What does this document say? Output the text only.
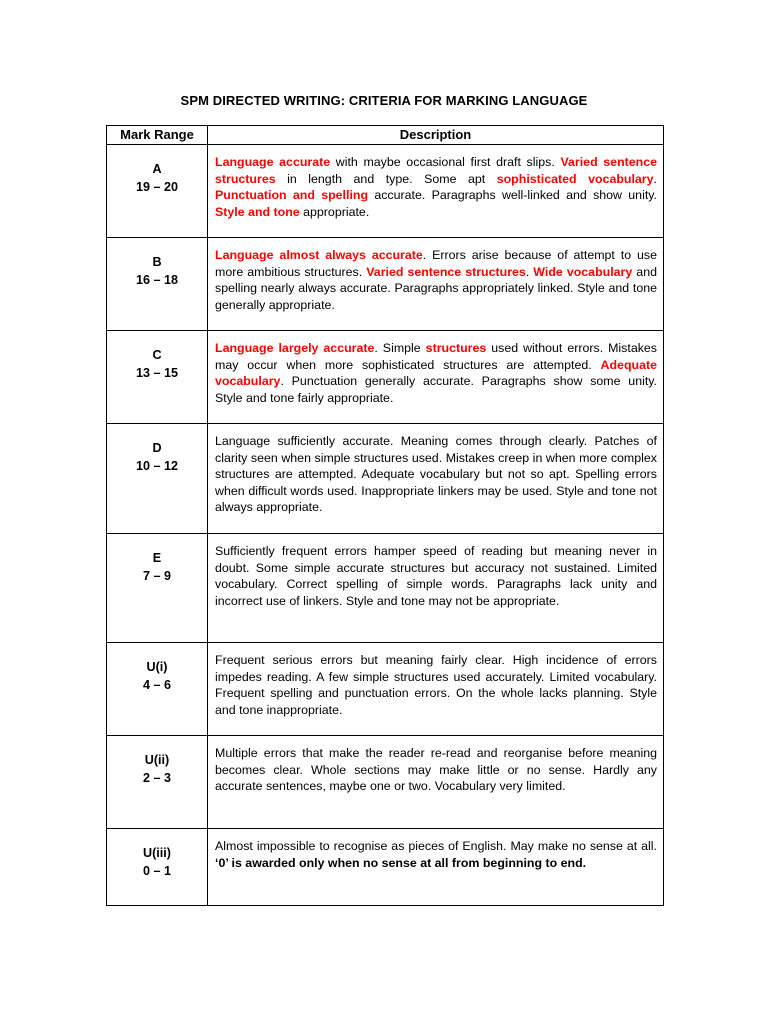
SPM DIRECTED WRITING: CRITERIA FOR MARKING LANGUAGE
Mark Range	Description

A
19 – 20	Language accurate with maybe occasional first draft slips. Varied sentence structures in length and type. Some apt sophisticated vocabulary. Punctuation and spelling accurate. Paragraphs well-linked and show unity. Style and tone appropriate.

B
16 – 18	Language almost always accurate. Errors arise because of attempt to use more ambitious structures. Varied sentence structures. Wide vocabulary and spelling nearly always accurate. Paragraphs appropriately linked. Style and tone generally appropriate.

C
13 – 15	Language largely accurate. Simple structures used without errors. Mistakes may occur when more sophisticated structures are attempted. Adequate vocabulary. Punctuation generally accurate. Paragraphs show some unity. Style and tone fairly appropriate.

D
10 – 12	Language sufficiently accurate. Meaning comes through clearly. Patches of clarity seen when simple structures used. Mistakes creep in when more complex structures are attempted. Adequate vocabulary but not so apt. Spelling errors when difficult words used. Inappropriate linkers may be used. Style and tone not always appropriate.

E
7 – 9	Sufficiently frequent errors hamper speed of reading but meaning never in doubt. Some simple accurate structures but accuracy not sustained. Limited vocabulary. Correct spelling of simple words. Paragraphs lack unity and incorrect use of linkers. Style and tone may not be appropriate.

U(i)
4 – 6	Frequent serious errors but meaning fairly clear. High incidence of errors impedes reading. A few simple structures used accurately. Limited vocabulary. Frequent spelling and punctuation errors. On the whole lacks planning. Style and tone inappropriate.

U(ii)
2 – 3	Multiple errors that make the reader re-read and reorganise before meaning becomes clear. Whole sections may make little or no sense. Hardly any accurate sentences, maybe one or two. Vocabulary very limited.

U(iii)
0 – 1	Almost impossible to recognise as pieces of English. May make no sense at all. ‘0’ is awarded only when no sense at all from beginning to end.
